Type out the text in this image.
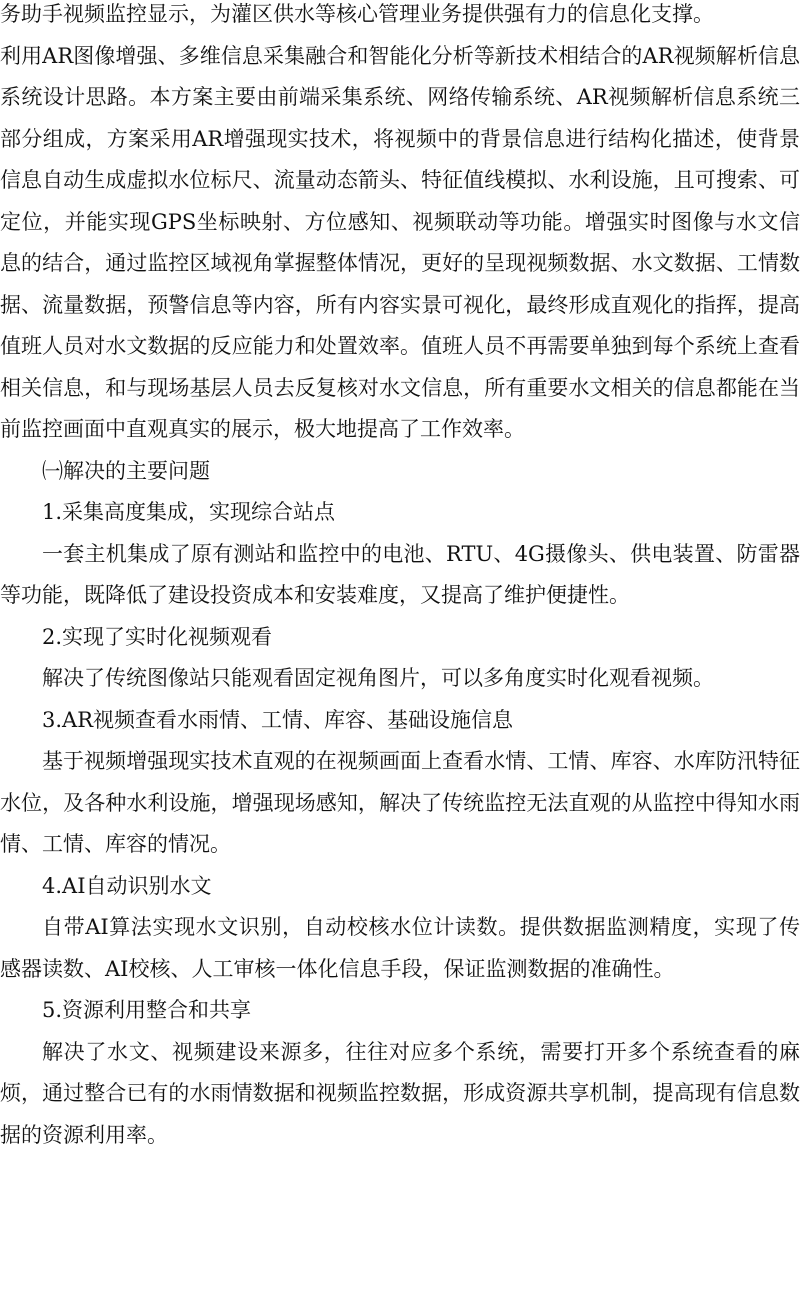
务助手视频监控显示，为灌区供水等核心管理业务提供强有力的信息化支撑。

利用AR图像增强、多维信息采集融合和智能化分析等新技术相结合的AR视频解析信息系统设计思路。本方案主要由前端采集系统、网络传输系统、AR视频解析信息系统三部分组成，方案采用AR增强现实技术，将视频中的背景信息进行结构化描述，使背景信息自动生成虚拟水位标尺、流量动态箭头、特征值线模拟、水利设施，且可搜索、可定位，并能实现GPS坐标映射、方位感知、视频联动等功能。增强实时图像与水文信息的结合，通过监控区域视角掌握整体情况，更好的呈现视频数据、水文数据、工情数据、流量数据，预警信息等内容，所有内容实景可视化，最终形成直观化的指挥，提高值班人员对水文数据的反应能力和处置效率。值班人员不再需要单独到每个系统上查看相关信息，和与现场基层人员去反复核对水文信息，所有重要水文相关的信息都能在当前监控画面中直观真实的展示，极大地提高了工作效率。

㈠解决的主要问题

1.采集高度集成，实现综合站点

一套主机集成了原有测站和监控中的电池、RTU、4G摄像头、供电装置、防雷器等功能，既降低了建设投资成本和安装难度，又提高了维护便捷性。

2.实现了实时化视频观看

解决了传统图像站只能观看固定视角图片，可以多角度实时化观看视频。

3.AR视频查看水雨情、工情、库容、基础设施信息

基于视频增强现实技术直观的在视频画面上查看水情、工情、库容、水库防汛特征水位，及各种水利设施，增强现场感知，解决了传统监控无法直观的从监控中得知水雨情、工情、库容的情况。

4.AI自动识别水文

自带AI算法实现水文识别，自动校核水位计读数。提供数据监测精度，实现了传感器读数、AI校核、人工审核一体化信息手段，保证监测数据的准确性。

5.资源利用整合和共享

解决了水文、视频建设来源多，往往对应多个系统，需要打开多个系统查看的麻烦，通过整合已有的水雨情数据和视频监控数据，形成资源共享机制，提高现有信息数据的资源利用率。
